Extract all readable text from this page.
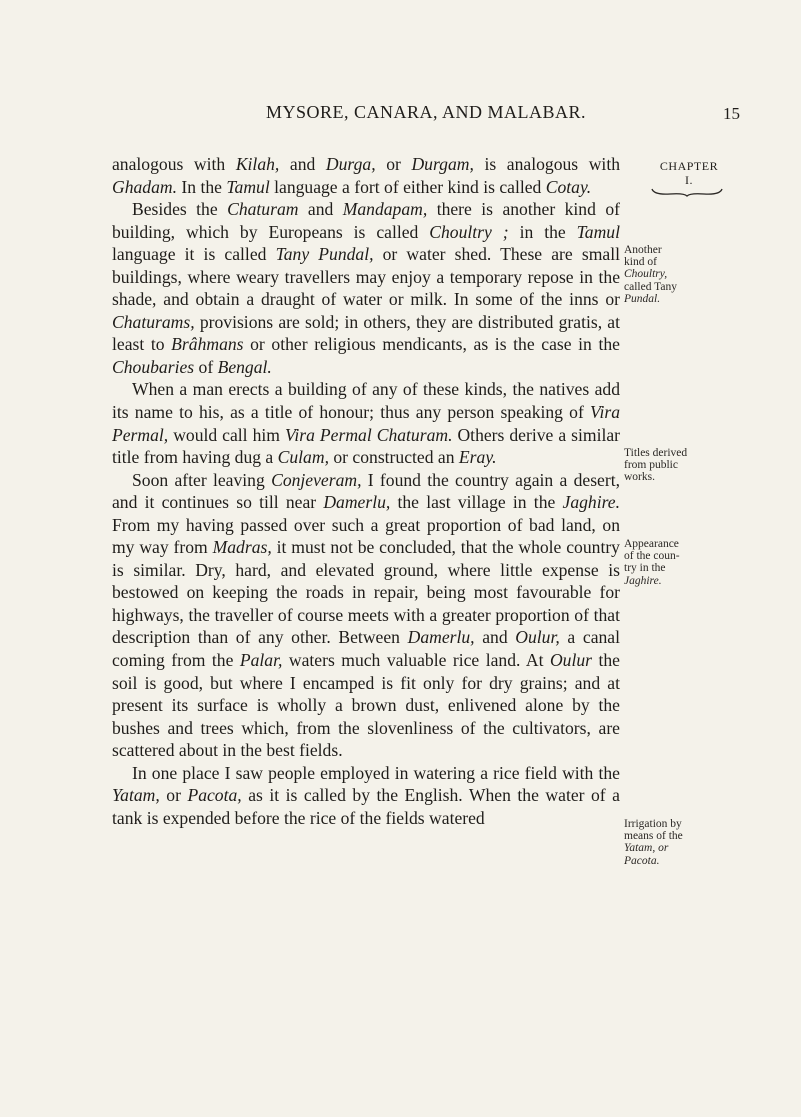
MYSORE, CANARA, AND MALABAR.	15
CHAPTER
I.
Another
kind of
Choultry,
called Tany
Pundal.
Titles derived
from public
works.
Appearance
of the coun-
try in the
Jaghire.
Irrigation by
means of the
Yatam, or
Pacota.

analogous with Kilah, and Durga, or Durgam, is analogous with Ghadam. In the Tamul language a fort of either kind is called Cotay.

Besides the Chaturam and Mandapam, there is another kind of building, which by Europeans is called Choultry ; in the Tamul language it is called Tany Pundal, or water shed. These are small buildings, where weary travellers may enjoy a temporary repose in the shade, and obtain a draught of water or milk. In some of the inns or Chaturams, provisions are sold; in others, they are distributed gratis, at least to Brâhmans or other religious mendicants, as is the case in the Choubaries of Bengal.

When a man erects a building of any of these kinds, the natives add its name to his, as a title of honour; thus any person speaking of Vira Permal, would call him Vira Permal Chaturam. Others derive a similar title from having dug a Culam, or constructed an Eray.

Soon after leaving Conjeveram, I found the country again a desert, and it continues so till near Damerlu, the last village in the Jaghire. From my having passed over such a great proportion of bad land, on my way from Madras, it must not be concluded, that the whole country is similar. Dry, hard, and elevated ground, where little expense is bestowed on keeping the roads in repair, being most favourable for highways, the traveller of course meets with a greater proportion of that description than of any other. Between Damerlu, and Oulur, a canal coming from the Palar, waters much valuable rice land. At Oulur the soil is good, but where I encamped is fit only for dry grains; and at present its surface is wholly a brown dust, enlivened alone by the bushes and trees which, from the slovenliness of the cultivators, are scattered about in the best fields.

In one place I saw people employed in watering a rice field with the Yatam, or Pacota, as it is called by the English. When the water of a tank is expended before the rice of the fields watered
